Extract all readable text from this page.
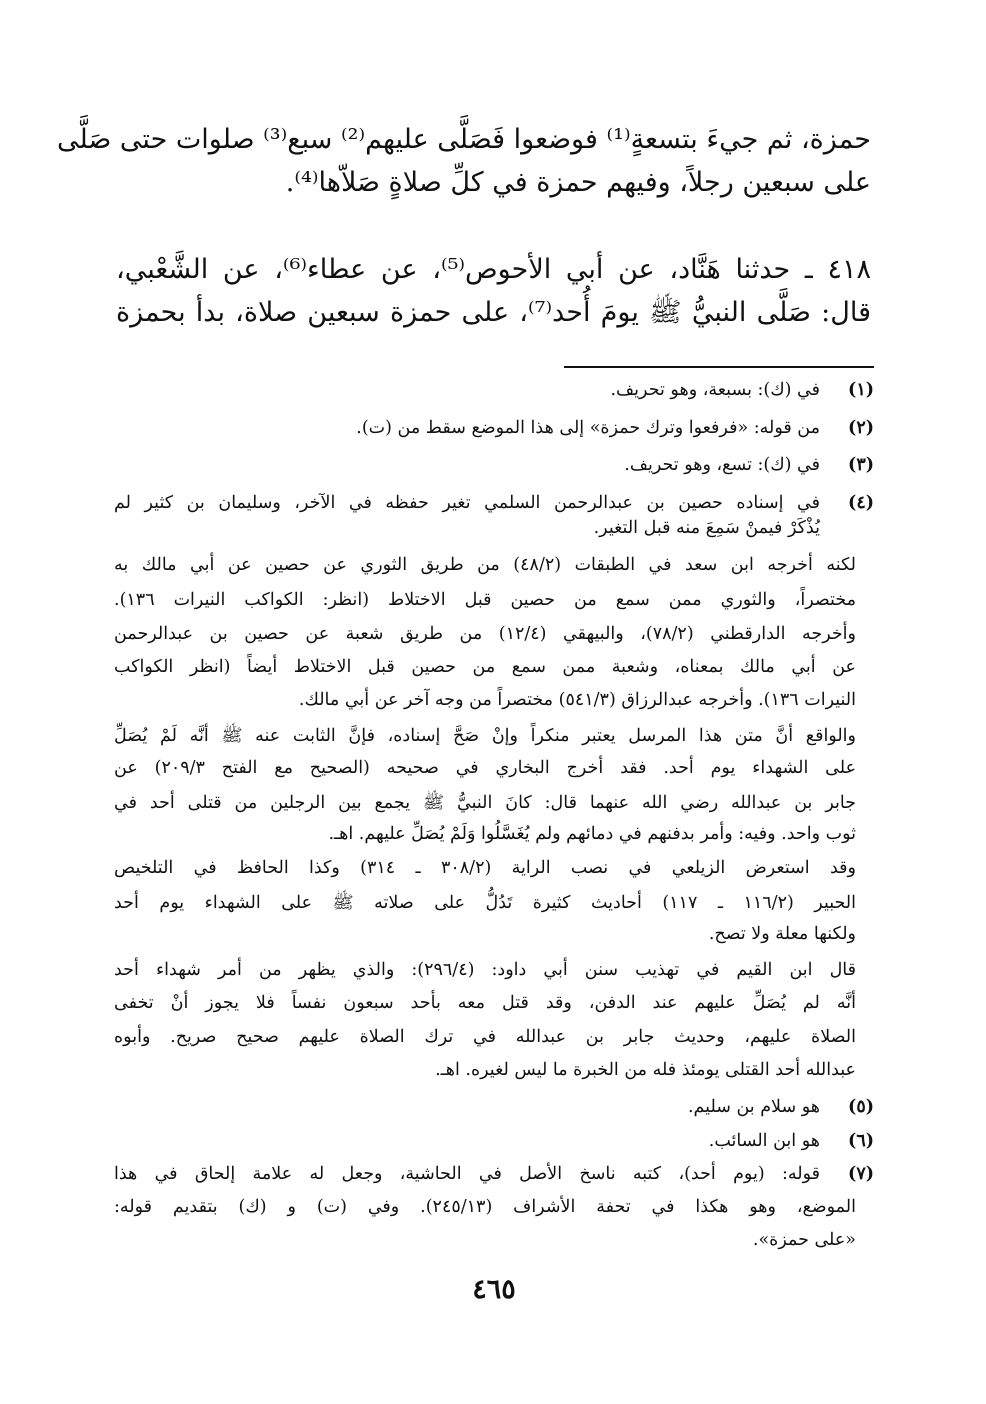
حمزة، ثم جيءَ بتسعةٍ⁽¹⁾ فوضعوا فَصَلَّى عليهم⁽²⁾ سبع⁽³⁾ صلوات حتى صَلَّى
على سبعين رجلاً، وفيهم حمزة في كلِّ صلاةٍ صَلاّها⁽⁴⁾.
٤١٨ ـ حدثنا هَنَّاد، عن أبي الأحوص⁽⁵⁾، عن عطاء⁽⁶⁾، عن الشَّعْبي،
قال: صَلَّى النبيُّ ﷺ يومَ أُحد⁽⁷⁾، على حمزة سبعين صلاة، بدأ بحمزة
(١)
في (ك): بسبعة، وهو تحريف.
(٢)
من قوله: «فرفعوا وترك حمزة» إلى هذا الموضع سقط من (ت).
(٣)
في (ك): تسع، وهو تحريف.
(٤)
في إسناده حصين بن عبدالرحمن السلمي تغير حفظه في الآخر، وسليمان بن كثير لم
يُذْكَرْ فيمنْ سَمِعَ منه قبل التغير.
لكنه أخرجه ابن سعد في الطبقات (٤٨/٢) من طريق الثوري عن حصين عن أبي مالك به
مختصراً، والثوري ممن سمع من حصين قبل الاختلاط (انظر: الكواكب النيرات ١٣٦).
وأخرجه الدارقطني (٧٨/٢)، والبيهقي (١٢/٤) من طريق شعبة عن حصين بن عبدالرحمن
عن أبي مالك بمعناه، وشعبة ممن سمع من حصين قبل الاختلاط أيضاً (انظر الكواكب
النيرات ١٣٦). وأخرجه عبدالرزاق (٥٤١/٣) مختصراً من وجه آخر عن أبي مالك.
والواقع أنَّ متن هذا المرسل يعتبر منكراً وإنْ صَحَّ إسناده، فإنَّ الثابت عنه ﷺ أنَّه لَمْ يُصَلِّ
على الشهداء يوم أحد. فقد أخرج البخاري في صحيحه (الصحيح مع الفتح ٢٠٩/٣) عن
جابر بن عبدالله رضي الله عنهما قال: كانَ النبيُّ ﷺ يجمع بين الرجلين من قتلى أحد في
ثوب واحد. وفيه: وأمر بدفنهم في دمائهم ولم يُغَسَّلُوا وَلَمْ يُصَلِّ عليهم. اهـ.
وقد استعرض الزيلعي في نصب الراية (٣٠٨/٢ ـ ٣١٤) وكذا الحافظ في التلخيص
الحبير (١١٦/٢ ـ ١١٧) أحاديث كثيرة تَدُلُّ على صلاته ﷺ على الشهداء يوم أحد
ولكنها معلة ولا تصح.
قال ابن القيم في تهذيب سنن أبي داود: (٢٩٦/٤): والذي يظهر من أمر شهداء أحد
أنَّه لم يُصَلِّ عليهم عند الدفن، وقد قتل معه بأحد سبعون نفساً فلا يجوز أنْ تخفى
الصلاة عليهم، وحديث جابر بن عبدالله في ترك الصلاة عليهم صحيح صريح. وأبوه
عبدالله أحد القتلى يومئذ فله من الخبرة ما ليس لغيره. اهـ.
(٥)
هو سلام بن سليم.
(٦)
هو ابن السائب.
(٧)
قوله: (يوم أحد)، كتبه ناسخ الأصل في الحاشية، وجعل له علامة إلحاق في هذا
الموضع، وهو هكذا في تحفة الأشراف (٢٤٥/١٣). وفي (ت) و (ك) بتقديم قوله:
«على حمزة».
٤٦٥
